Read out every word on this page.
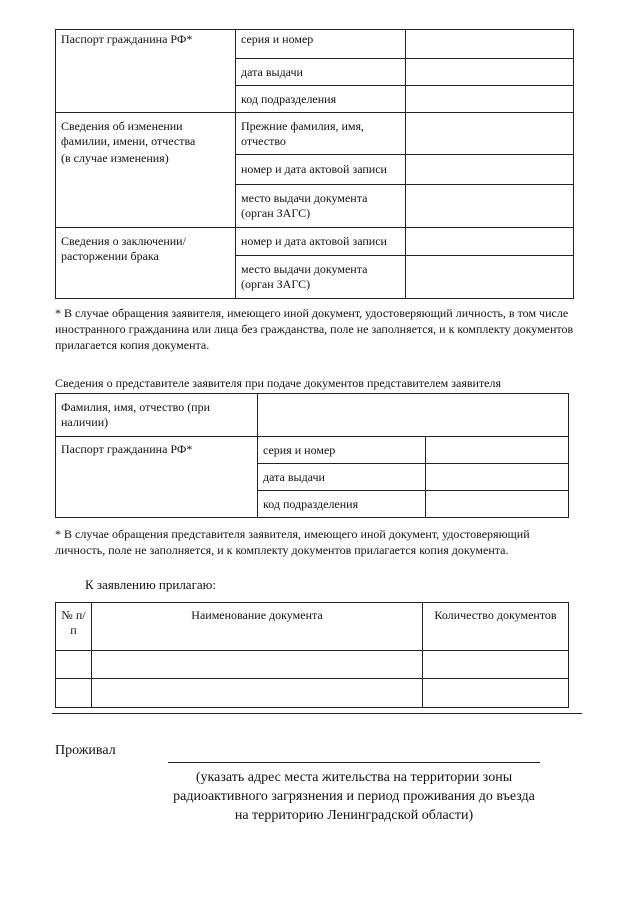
Паспорт гражданина РФ*	серия и номер	
	дата выдачи	
	код подразделения	

Сведения об изменении
фамилии, имени, отчества
(в случае изменения)	Прежние фамилия, имя, отчество	
	номер и дата актовой записи	
	место выдачи документа (орган ЗАГС)	
Сведения о заключении/расторжении брака	номер и дата актовой записи	
	место выдачи документа (орган ЗАГС)	
* В случае обращения заявителя, имеющего иной документ, удостоверяющий личность, в том числе иностранного гражданина или лица без гражданства, поле не заполняется, и к комплекту документов прилагается копия документа.
Сведения о представителе заявителя при подаче документов представителем заявителя
Фамилия, имя, отчество (при наличии)		
Паспорт гражданина РФ*	серия и номер	
	дата выдачи	
	код подразделения	
* В случае обращения представителя заявителя, имеющего иной документ, удостоверяющий личность, поле не заполняется, и к комплекту документов прилагается копия документа.
К заявлению прилагаю:
№ п/п	Наименование документа	Количество документов

Проживал
(указать адрес места жительства на территории зоны радиоактивного загрязнения и период проживания до въезда на территорию Ленинградской области)
